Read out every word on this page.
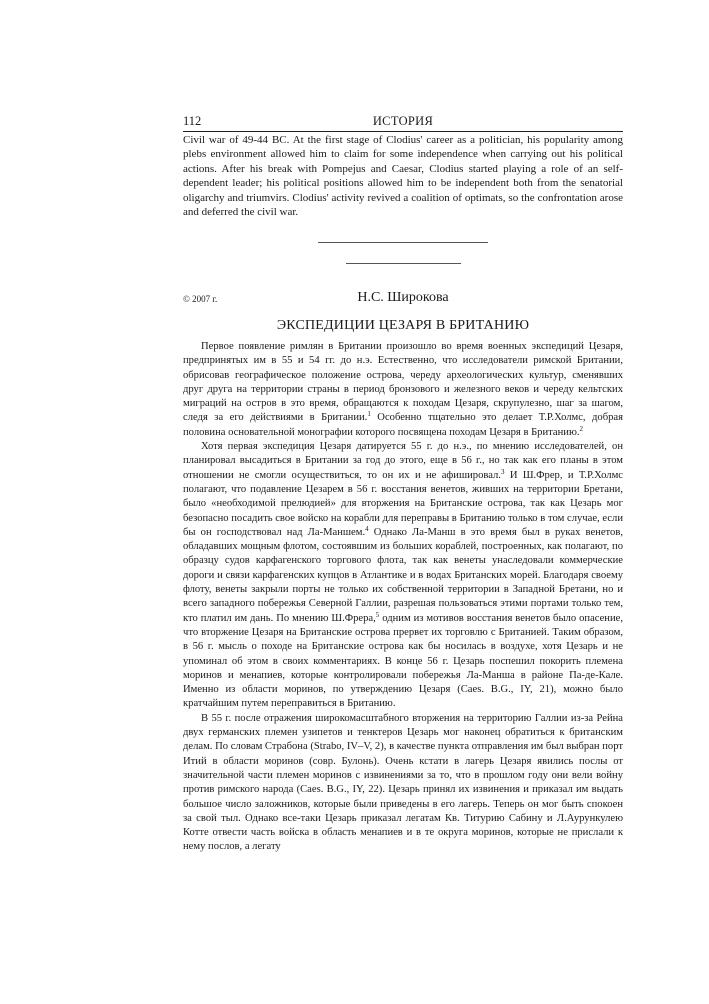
112	ИСТОРИЯ

Civil war of 49-44 BC. At the first stage of Clodius' career as a politician, his popularity among plebs environment allowed him to claim for some independence when carrying out his political actions. After his break with Pompejus and Caesar, Clodius started playing a role of an self-dependent leader; his political positions allowed him to be independent both from the senatorial oligarchy and triumvirs. Clodius' activity revived a coalition of optimats, so the confrontation arose and deferred the civil war.

© 2007 г.	Н.С. Широкова
ЭКСПЕДИЦИИ ЦЕЗАРЯ В БРИТАНИЮ

Первое появление римлян в Британии произошло во время военных экспедиций Цезаря, предпринятых им в 55 и 54 гг. до н.э. Естественно, что исследователи римской Британии, обрисовав географическое положение острова, череду археологических культур, сменявших друг друга на территории страны в период бронзового и железного веков и череду кельтских миграций на остров в это время, обращаются к походам Цезаря, скрупулезно, шаг за шагом, следя за его действиями в Британии.$^1$ Особенно тщательно это делает Т.Р.Холмс, добрая половина основательной монографии которого посвящена походам Цезаря в Британию.$^2$

Хотя первая экспедиция Цезаря датируется 55 г. до н.э., по мнению исследователей, он планировал высадиться в Британии за год до этого, еще в 56 г., но так как его планы в этом отношении не смогли осуществиться, то он их и не афишировал.$^3$ И Ш.Фрер, и Т.Р.Холмс полагают, что подавление Цезарем в 56 г. восстания венетов, живших на территории Бретани, было «необходимой прелюдией» для вторжения на Британские острова, так как Цезарь мог безопасно посадить свое войско на корабли для переправы в Британию только в том случае, если бы он господствовал над Ла-Маншем.$^4$ Однако Ла-Манш в это время был в руках венетов, обладавших мощным флотом, состоявшим из больших кораблей, построенных, как полагают, по образцу судов карфагенского торгового флота, так как венеты унаследовали коммерческие дороги и связи карфагенских купцов в Атлантике и в водах Британских морей. Благодаря своему флоту, венеты закрыли порты не только их собственной территории в Западной Бретани, но и всего западного побережья Северной Галлии, разрешая пользоваться этими портами только тем, кто платил им дань. По мнению Ш.Фрера,$^5$ одним из мотивов восстания венетов было опасение, что вторжение Цезаря на Британские острова прервет их торговлю с Британией. Таким образом, в 56 г. мысль о походе на Британские острова как бы носилась в воздухе, хотя Цезарь и не упоминал об этом в своих комментариях. В конце 56 г. Цезарь поспешил покорить племена моринов и менапиев, которые контролировали побережья Ла-Манша в районе Па-де-Кале. Именно из области моринов, по утверждению Цезаря (Caes. B.G., IY, 21), можно было кратчайшим путем переправиться в Британию.

В 55 г. после отражения широкомасштабного вторжения на территорию Галлии из-за Рейна двух германских племен узипетов и тенктеров Цезарь мог наконец обратиться к британским делам. По словам Страбона (Strabo, IV–V, 2), в качестве пункта отправления им был выбран порт Итий в области моринов (совр. Булонь). Очень кстати в лагерь Цезаря явились послы от значительной части племен моринов с извинениями за то, что в прошлом году они вели войну против римского народа (Caes. B.G., IY, 22). Цезарь принял их извинения и приказал им выдать большое число заложников, которые были приведены в его лагерь. Теперь он мог быть спокоен за свой тыл. Однако все-таки Цезарь приказал легатам Кв. Титурию Сабину и Л.Аурункулею Котте отвести часть войска в область менапиев и в те округа моринов, которые не прислали к нему послов, а легату
